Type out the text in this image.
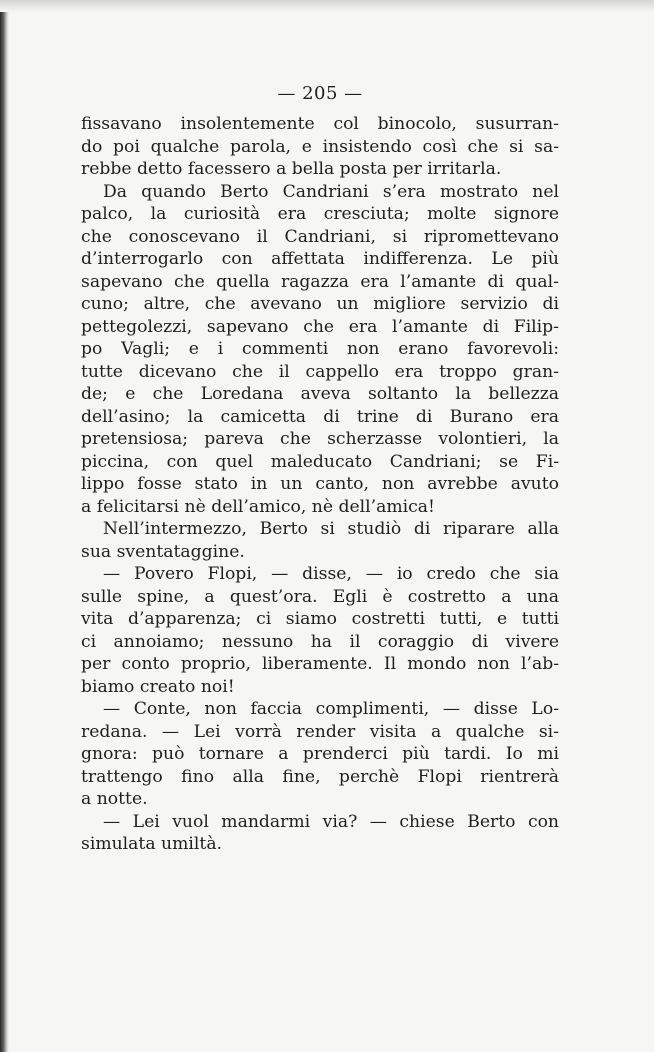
— 205 —
fissavano insolentemente col binocolo, susurran-
do poi qualche parola, e insistendo così che si sa-
rebbe detto facessero a bella posta per irritarla.
Da quando Berto Candriani s’era mostrato nel
palco, la curiosità era cresciuta; molte signore
che conoscevano il Candriani, si ripromettevano
d’interrogarlo con affettata indifferenza. Le più
sapevano che quella ragazza era l’amante di qual-
cuno; altre, che avevano un migliore servizio di
pettegolezzi, sapevano che era l’amante di Filip-
po Vagli; e i commenti non erano favorevoli:
tutte dicevano che il cappello era troppo gran-
de; e che Loredana aveva soltanto la bellezza
dell’asino; la camicetta di trine di Burano era
pretensiosa; pareva che scherzasse volontieri, la
piccina, con quel maleducato Candriani; se Fi-
lippo fosse stato in un canto, non avrebbe avuto
a felicitarsi nè dell’amico, nè dell’amica!
Nell’intermezzo, Berto si studiò di riparare alla
sua sventataggine.
— Povero Flopi, — disse, — io credo che sia
sulle spine, a quest’ora. Egli è costretto a una
vita d’apparenza; ci siamo costretti tutti, e tutti
ci annoiamo; nessuno ha il coraggio di vivere
per conto proprio, liberamente. Il mondo non l’ab-
biamo creato noi!
— Conte, non faccia complimenti, — disse Lo-
redana. — Lei vorrà render visita a qualche si-
gnora: può tornare a prenderci più tardi. Io mi
trattengo fino alla fine, perchè Flopi rientrerà
a notte.
— Lei vuol mandarmi via? — chiese Berto con
simulata umiltà.
